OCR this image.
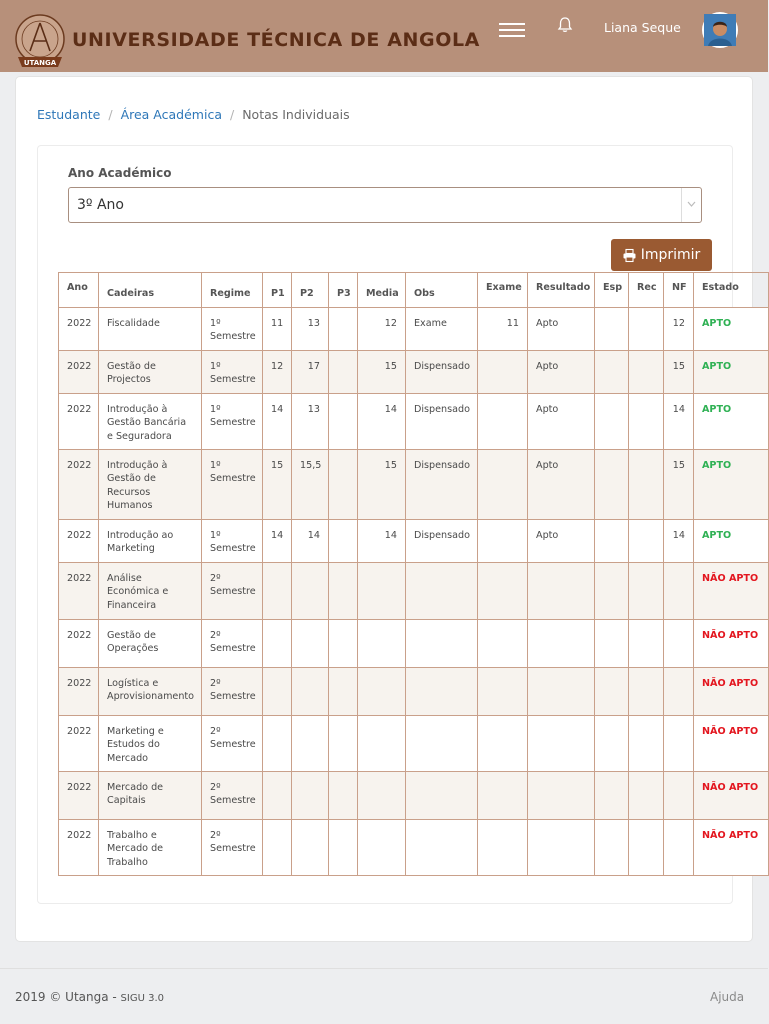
UTANGA
UNIVERSIDADE TÉCNICA DE ANGOLA
Liana Seque
Estudante / Área Académica / Notas Individuais
Ano Académico
3º Ano
Imprimir
Ano	Cadeiras	Regime	P1	P2	P3	Media	Obs	Exame	Resultado	Esp	Rec	NF	Estado
2022	Fiscalidade	1º Semestre	11	13		12	Exame	11	Apto			12	APTO
2022	Gestão de Projectos	1º Semestre	12	17		15	Dispensado		Apto			15	APTO
2022	Introdução à Gestão Bancária e Seguradora	1º Semestre	14	13		14	Dispensado		Apto			14	APTO
2022	Introdução à Gestão de Recursos Humanos	1º Semestre	15	15,5		15	Dispensado		Apto			15	APTO
2022	Introdução ao Marketing	1º Semestre	14	14		14	Dispensado		Apto			14	APTO
2022	Análise Económica e Financeira	2º Semestre											NÃO APTO
2022	Gestão de Operações	2º Semestre											NÃO APTO
2022	Logística e Aprovisionamento	2º Semestre											NÃO APTO
2022	Marketing e Estudos do Mercado	2º Semestre											NÃO APTO
2022	Mercado de Capitais	2º Semestre											NÃO APTO
2022	Trabalho e Mercado de Trabalho	2º Semestre											NÃO APTO
2019 © Utanga - SIGU 3.0	Ajuda
